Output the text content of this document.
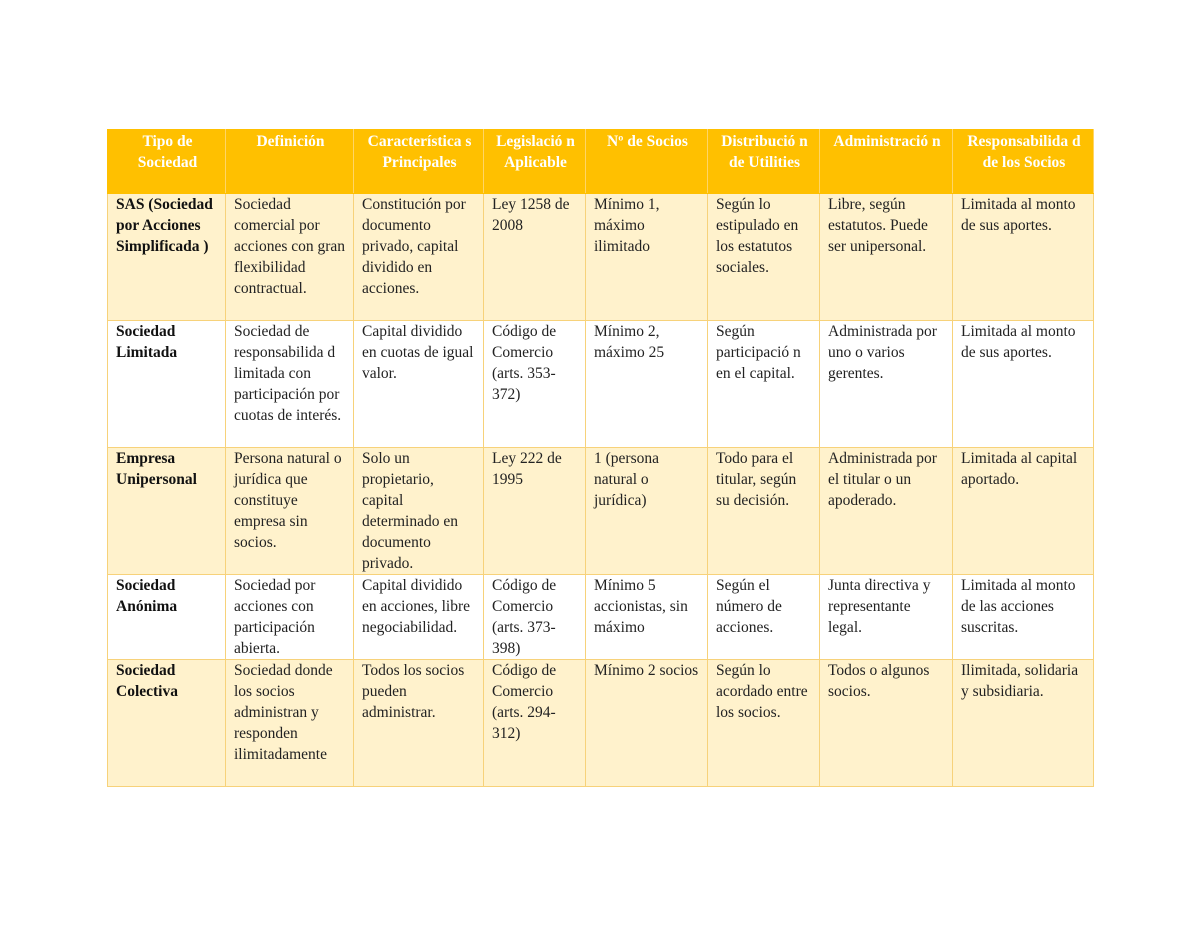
Tipo de Sociedad	Definición	Característica s Principales	Legislació n Aplicable	Nº de Socios	Distribució n de Utilities	Administració n	Responsabilida d de los Socios
SAS (Sociedad por Acciones Simplificada )	Sociedad comercial por acciones con gran flexibilidad contractual.	Constitución por documento privado, capital dividido en acciones.	Ley 1258 de 2008	Mínimo 1, máximo ilimitado	Según lo estipulado en los estatutos sociales.	Libre, según estatutos. Puede ser unipersonal.	Limitada al monto de sus aportes.
Sociedad Limitada	Sociedad de responsabilida d limitada con participación por cuotas de interés.	Capital dividido en cuotas de igual valor.	Código de Comercio (arts. 353-372)	Mínimo 2, máximo 25	Según participació n en el capital.	Administrada por uno o varios gerentes.	Limitada al monto de sus aportes.
Empresa Unipersonal	Persona natural o jurídica que constituye empresa sin socios.	Solo un propietario, capital determinado en documento privado.	Ley 222 de 1995	1 (persona natural o jurídica)	Todo para el titular, según su decisión.	Administrada por el titular o un apoderado.	Limitada al capital aportado.
Sociedad Anónima	Sociedad por acciones con participación abierta.	Capital dividido en acciones, libre negociabilidad.	Código de Comercio (arts. 373-398)	Mínimo 5 accionistas, sin máximo	Según el número de acciones.	Junta directiva y representante legal.	Limitada al monto de las acciones suscritas.
Sociedad Colectiva	Sociedad donde los socios administran y responden ilimitadamente	Todos los socios pueden administrar.	Código de Comercio (arts. 294-312)	Mínimo 2 socios	Según lo acordado entre los socios.	Todos o algunos socios.	Ilimitada, solidaria y subsidiaria.
